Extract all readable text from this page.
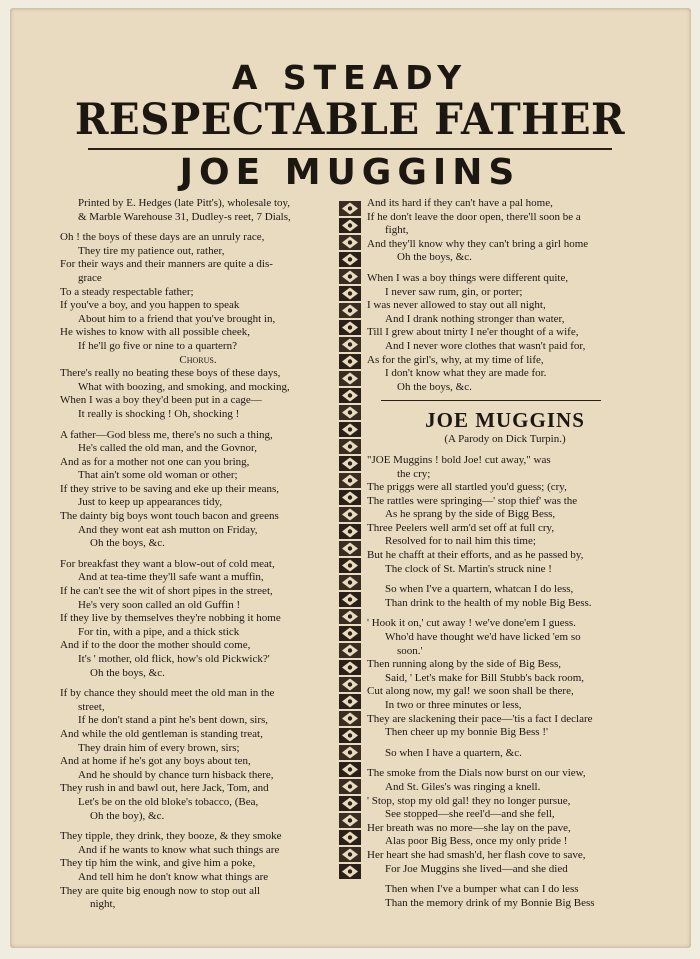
A STEADY
RESPECTABLE FATHER
JOE MUGGINS
Printed by E. Hedges (late Pitt's), wholesale toy,
& Marble Warehouse 31, Dudley-s reet, 7 Dials,
Oh ! the boys of these days are an unruly race,
They tire my patience out, rather,
For their ways and their manners are quite a dis-
grace
To a steady respectable father;
If you've a boy, and you happen to speak
About him to a friend that you've brought in,
He wishes to know with all possible cheek,
If he'll go five or nine to a quartern?
Chorus.
There's really no beating these boys of these days,
What with boozing, and smoking, and mocking,
When I was a boy they'd been put in a cage—
It really is shocking ! Oh, shocking !
A father—God bless me, there's no such a thing,
He's called the old man, and the Govnor,
And as for a mother not one can you bring,
That ain't some old woman or other;
If they strive to be saving and eke up their means,
Just to keep up appearances tidy,
The dainty big boys wont touch bacon and greens
And they wont eat ash mutton on Friday,
Oh the boys, &c.
For breakfast they want a blow-out of cold meat,
And at tea-time they'll safe want a muffin,
If he can't see the wit of short pipes in the street,
He's very soon called an old Guffin !
If they live by themselves they're nobbing it home
For tin, with a pipe, and a thick stick
And if to the door the mother should come,
It's ' mother, old flick, how's old Pickwick?'
Oh the boys, &c.
If by chance they should meet the old man in the
street,
If he don't stand a pint he's bent down, sirs,
And while the old gentleman is standing treat,
They drain him of every brown, sirs;
And at home if he's got any boys about ten,
And he should by chance turn hisback there,
They rush in and bawl out, here Jack, Tom, and
Let's be on the old bloke's tobacco, (Bea,
Oh the boy), &c.
They tipple, they drink, they booze, & they smoke
And if he wants to know what such things are
They tip him the wink, and give him a poke,
And tell him he don't know what things are
They are quite big enough now to stop out all
night,
And its hard if they can't have a pal home,
If he don't leave the door open, there'll soon be a
fight,
And they'll know why they can't bring a girl home
Oh the boys, &c.
When I was a boy things were different quite,
I never saw rum, gin, or porter;
I was never allowed to stay out all night,
And I drank nothing stronger than water,
Till I grew about tnirty I ne'er thought of a wife,
And I never wore clothes that wasn't paid for,
As for the girl's, why, at my time of life,
I don't know what they are made for.
Oh the boys, &c.
JOE MUGGINS
(A Parody on Dick Turpin.)
"JOE Muggins ! bold Joe! cut away," was
the cry;
The priggs were all startled you'd guess; (cry,
The rattles were springing—' stop thief' was the
As he sprang by the side of Bigg Bess,
Three Peelers well arm'd set off at full cry,
Resolved for to nail him this time;
But he chafft at their efforts, and as he passed by,
The clock of St. Martin's struck nine !
So when I've a quartern, whatcan I do less,
Than drink to the health of my noble Big Bess.
' Hook it on,' cut away ! we've done'em I guess.
Who'd have thought we'd have licked 'em so
soon.'
Then running along by the side of Big Bess,
Said, ' Let's make for Bill Stubb's back room,
Cut along now, my gal! we soon shall be there,
In two or three minutes or less,
They are slackening their pace—'tis a fact I declare
Then cheer up my bonnie Big Bess !'
So when I have a quartern, &c.
The smoke from the Dials now burst on our view,
And St. Giles's was ringing a knell.
' Stop, stop my old gal! they no longer pursue,
See stopped—she reel'd—and she fell,
Her breath was no more—she lay on the pave,
Alas poor Big Bess, once my only pride !
Her heart she had smash'd, her flash cove to save,
For Joe Muggins she lived—and she died
Then when I've a bumper what can I do less
Than the memory drink of my Bonnie Big Bess
